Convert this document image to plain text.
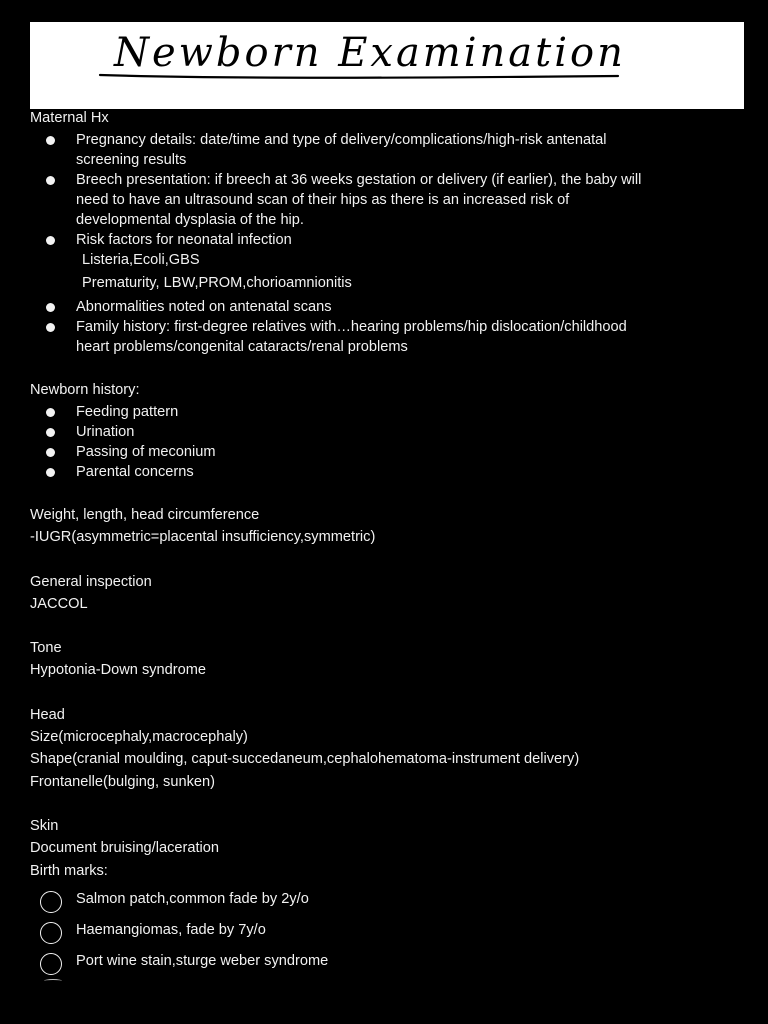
Newborn Examination
Maternal Hx
Pregnancy details: date/time and type of delivery/complications/high-risk antenatal
screening results
Breech presentation: if breech at 36 weeks gestation or delivery (if earlier), the baby will
need to have an ultrasound scan of their hips as there is an increased risk of
developmental dysplasia of the hip.
Risk factors for neonatal infection
Listeria,Ecoli,GBS
Prematurity, LBW,PROM,chorioamnionitis
Abnormalities noted on antenatal scans
Family history: first-degree relatives with…hearing problems/hip dislocation/childhood
heart problems/congenital cataracts/renal problems
Newborn history:
Feeding pattern
Urination
Passing of meconium
Parental concerns
Weight, length, head circumference
-IUGR(asymmetric=placental insufficiency,symmetric)
General inspection
JACCOL
Tone
Hypotonia-Down syndrome
Head
Size(microcephaly,macrocephaly)
Shape(cranial moulding, caput-succedaneum,cephalohematoma-instrument delivery)
Frontanelle(bulging, sunken)
Skin
Document bruising/laceration
Birth marks:
Salmon patch,common fade by 2y/o
Haemangiomas, fade by 7y/o
Port wine stain,sturge weber syndrome
